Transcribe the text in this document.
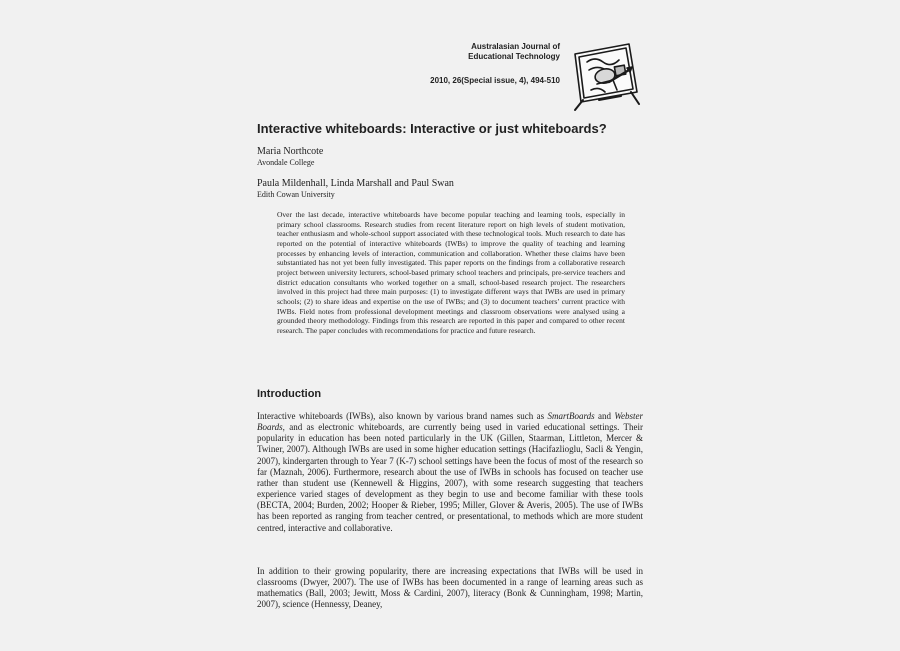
Australasian Journal of
Educational Technology
2010, 26(Special issue, 4), 494-510
Interactive whiteboards: Interactive or just whiteboards?

Maria Northcote

Avondale College

Paula Mildenhall, Linda Marshall and Paul Swan

Edith Cowan University

Over the last decade, interactive whiteboards have become popular teaching and learning tools, especially in primary school classrooms. Research studies from recent literature report on high levels of student motivation, teacher enthusiasm and whole-school support associated with these technological tools. Much research to date has reported on the potential of interactive whiteboards (IWBs) to improve the quality of teaching and learning processes by enhancing levels of interaction, communication and collaboration. Whether these claims have been substantiated has not yet been fully investigated. This paper reports on the findings from a collaborative research project between university lecturers, school-based primary school teachers and principals, pre-service teachers and district education consultants who worked together on a small, school-based research project. The researchers involved in this project had three main purposes: (1) to investigate different ways that IWBs are used in primary schools; (2) to share ideas and expertise on the use of IWBs; and (3) to document teachers’ current practice with IWBs. Field notes from professional development meetings and classroom observations were analysed using a grounded theory methodology. Findings from this research are reported in this paper and compared to other recent research. The paper concludes with recommendations for practice and future research.

Introduction

Interactive whiteboards (IWBs), also known by various brand names such as SmartBoards and Webster Boards, and as electronic whiteboards, are currently being used in varied educational settings. Their popularity in education has been noted particularly in the UK (Gillen, Staarman, Littleton, Mercer & Twiner, 2007). Although IWBs are used in some higher education settings (Hacifazlioglu, Sacli & Yengin, 2007), kindergarten through to Year 7 (K-7) school settings have been the focus of most of the research so far (Maznah, 2006). Furthermore, research about the use of IWBs in schools has focused on teacher use rather than student use (Kennewell & Higgins, 2007), with some research suggesting that teachers experience varied stages of development as they begin to use and become familiar with these tools (BECTA, 2004; Burden, 2002; Hooper & Rieber, 1995; Miller, Glover & Averis, 2005). The use of IWBs has been reported as ranging from teacher centred, or presentational, to methods which are more student centred, interactive and collaborative.

In addition to their growing popularity, there are increasing expectations that IWBs will be used in classrooms (Dwyer, 2007). The use of IWBs has been documented in a range of learning areas such as mathematics (Ball, 2003; Jewitt, Moss & Cardini, 2007), literacy (Bonk & Cunningham, 1998; Martin, 2007), science (Hennessy, Deaney,
